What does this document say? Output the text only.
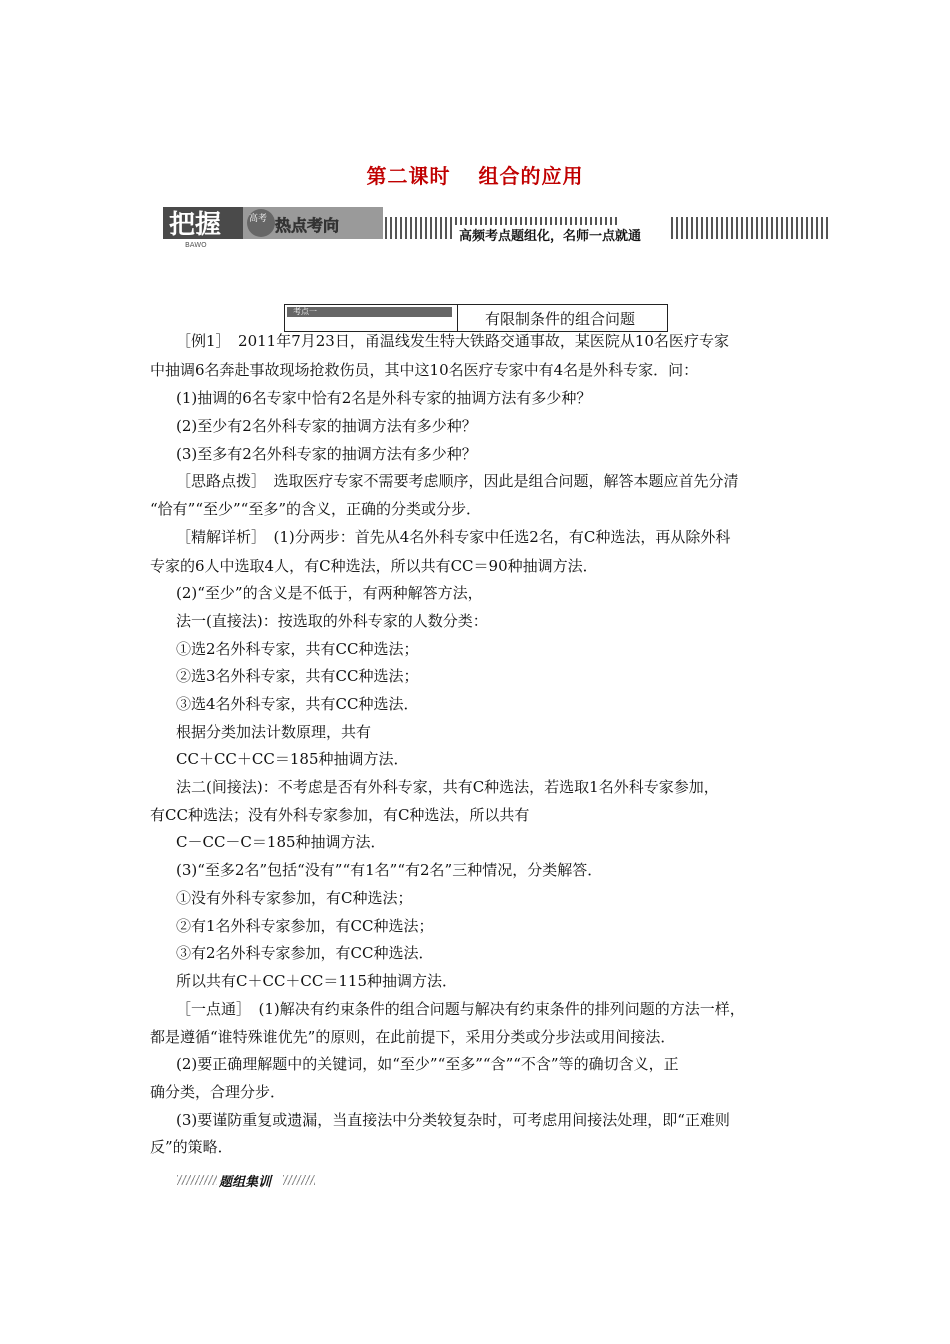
第二课时 组合的应用
把握	高考 热点考向
BAWO
高频考点题组化，名师一点就通
考点一	有限制条件的组合问题
［例1］　2011年7月23日，甬温线发生特大铁路交通事故，某医院从10名医疗专家
中抽调6名奔赴事故现场抢救伤员，其中这10名医疗专家中有4名是外科专家．问：
(1)抽调的6名专家中恰有2名是外科专家的抽调方法有多少种？
(2)至少有2名外科专家的抽调方法有多少种？
(3)至多有2名外科专家的抽调方法有多少种？
［思路点拨］　选取医疗专家不需要考虑顺序，因此是组合问题，解答本题应首先分清
“恰有”“至少”“至多”的含义，正确的分类或分步．
［精解详析］　(1)分两步：首先从4名外科专家中任选2名，有C种选法，再从除外科
专家的6人中选取4人，有C种选法，所以共有CC＝90种抽调方法．
(2)“至少”的含义是不低于，有两种解答方法，
法一(直接法)：按选取的外科专家的人数分类：
①选2名外科专家，共有CC种选法；
②选3名外科专家，共有CC种选法；
③选4名外科专家，共有CC种选法．
根据分类加法计数原理，共有
CC＋CC＋CC＝185种抽调方法．
法二(间接法)：不考虑是否有外科专家，共有C种选法，若选取1名外科专家参加，
有CC种选法；没有外科专家参加，有C种选法，所以共有
C－CC－C＝185种抽调方法．
(3)“至多2名”包括“没有”“有1名”“有2名”三种情况，分类解答．
①没有外科专家参加，有C种选法；
②有1名外科专家参加，有CC种选法；
③有2名外科专家参加，有CC种选法．
所以共有C＋CC＋CC＝115种抽调方法．
［一点通］　(1)解决有约束条件的组合问题与解决有约束条件的排列问题的方法一样，
都是遵循“谁特殊谁优先”的原则，在此前提下，采用分类或分步法或用间接法．
(2)要正确理解题中的关键词，如“至少”“至多”“含”“不含”等的确切含义，正
确分类，合理分步．
(3)要谨防重复或遗漏，当直接法中分类较复杂时，可考虑用间接法处理，即“正难则
反”的策略．
题组集训
